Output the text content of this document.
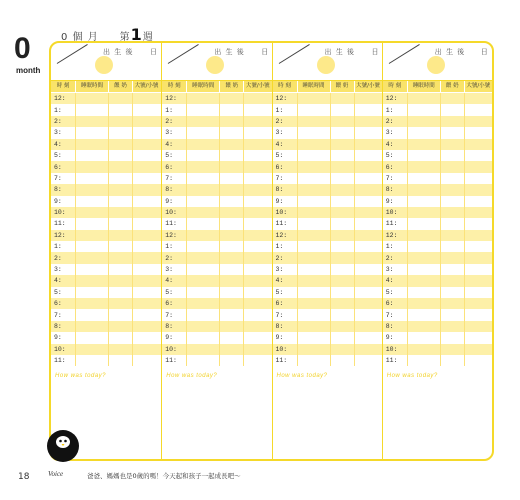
0
month
0 個 月 第1週
出 生 後 日
時 刻	睡眠時間	餵 奶	大號/小號
12:
1:
2:
3:
4:
5:
6:
7:
8:
9:
10:
11:
12:
1:
2:
3:
4:
5:
6:
7:
8:
9:
10:
11:
How was today?
出 生 後 日
時 刻	睡眠時間	餵 奶	大號/小號
12:
1:
2:
3:
4:
5:
6:
7:
8:
9:
10:
11:
12:
1:
2:
3:
4:
5:
6:
7:
8:
9:
10:
11:
How was today?
出 生 後 日
時 刻	睡眠時間	餵 奶	大號/小號
12:
1:
2:
3:
4:
5:
6:
7:
8:
9:
10:
11:
12:
1:
2:
3:
4:
5:
6:
7:
8:
9:
10:
11:
How was today?
出 生 後 日
時 刻	睡眠時間	餵 奶	大號/小號
12:
1:
2:
3:
4:
5:
6:
7:
8:
9:
10:
11:
12:
1:
2:
3:
4:
5:
6:
7:
8:
9:
10:
11:
How was today?
18	Voice	爸爸、媽媽也是0歲的嗎！今天起和孩子一起成長吧～
